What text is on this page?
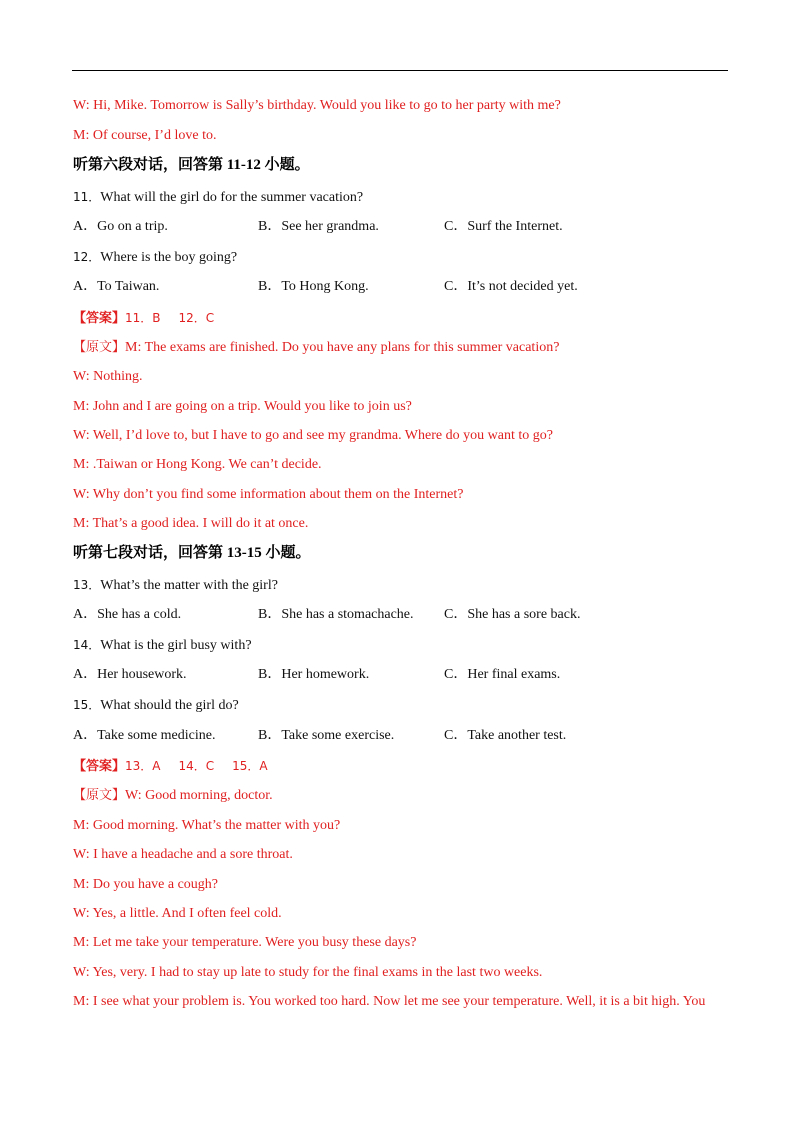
W: Hi, Mike. Tomorrow is Sally’s birthday. Would you like to go to her party with me?
M: Of course, I’d love to.
听第六段对话，回答第 11-12 小题。
11．What will the girl do for the summer vacation?
A．Go on a trip.	B．See her grandma.	C．Surf the Internet.
12．Where is the boy going?
A．To Taiwan.	B．To Hong Kong.	C．It’s not decided yet.
【答案】11．B 12．C
【原文】M: The exams are finished. Do you have any plans for this summer vacation?
W: Nothing.
M: John and I are going on a trip. Would you like to join us?
W: Well, I’d love to, but I have to go and see my grandma. Where do you want to go?
M: .Taiwan or Hong Kong. We can’t decide.
W: Why don’t you find some information about them on the Internet?
M: That’s a good idea. I will do it at once.
听第七段对话，回答第 13-15 小题。
13．What’s the matter with the girl?
A．She has a cold.	B．She has a stomachache. C．She has a sore back.
14．What is the girl busy with?
A．Her housework.	B．Her homework.	C．Her final exams.
15．What should the girl do?
A．Take some medicine.	B．Take some exercise.	C．Take another test.
【答案】13．A 14．C 15．A
【原文】W: Good morning, doctor.
M: Good morning. What’s the matter with you?
W: I have a headache and a sore throat.
M: Do you have a cough?
W: Yes, a little. And I often feel cold.
M: Let me take your temperature. Were you busy these days?
W: Yes, very. I had to stay up late to study for the final exams in the last two weeks.
M: I see what your problem is. You worked too hard. Now let me see your temperature. Well, it is a bit high. You
